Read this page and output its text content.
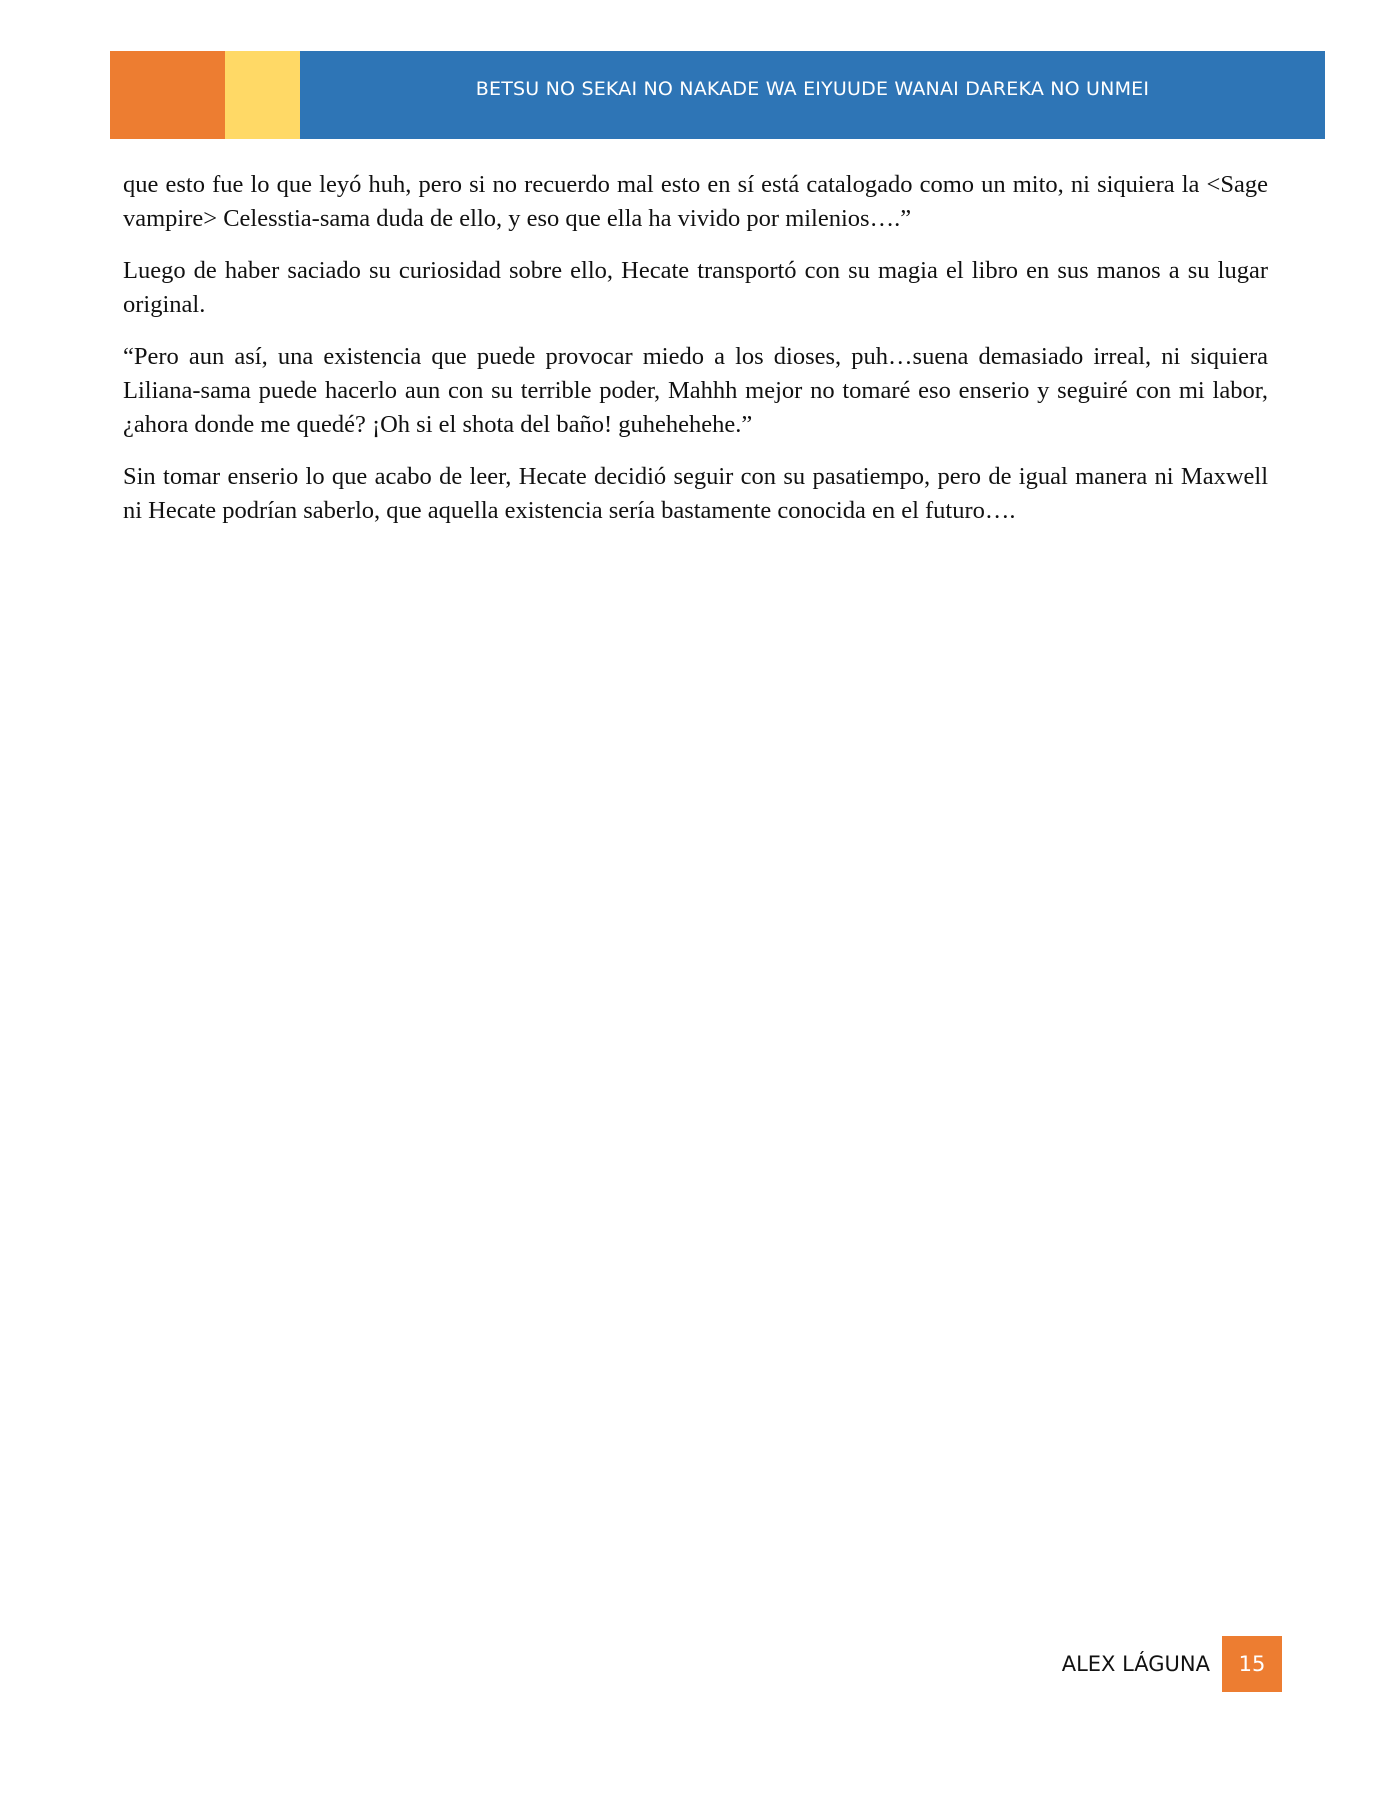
BETSU NO SEKAI NO NAKADE WA EIYUUDE WANAI DAREKA NO UNMEI

que esto fue lo que leyó huh, pero si no recuerdo mal esto en sí está catalogado como un mito, ni siquiera la <Sage vampire> Celesstia-sama duda de ello, y eso que ella ha vivido por milenios….”

Luego de haber saciado su curiosidad sobre ello, Hecate transportó con su magia el libro en sus manos a su lugar original.

“Pero aun así, una existencia que puede provocar miedo a los dioses, puh…suena demasiado irreal, ni siquiera Liliana-sama puede hacerlo aun con su terrible poder, Mahhh mejor no tomaré eso enserio y seguiré con mi labor, ¿ahora donde me quedé? ¡Oh si el shota del baño! guhehehehe.”

Sin tomar enserio lo que acabo de leer, Hecate decidió seguir con su pasatiempo, pero de igual manera ni Maxwell ni Hecate podrían saberlo, que aquella existencia sería bastamente conocida en el futuro….

ALEX LÁGUNA	15
